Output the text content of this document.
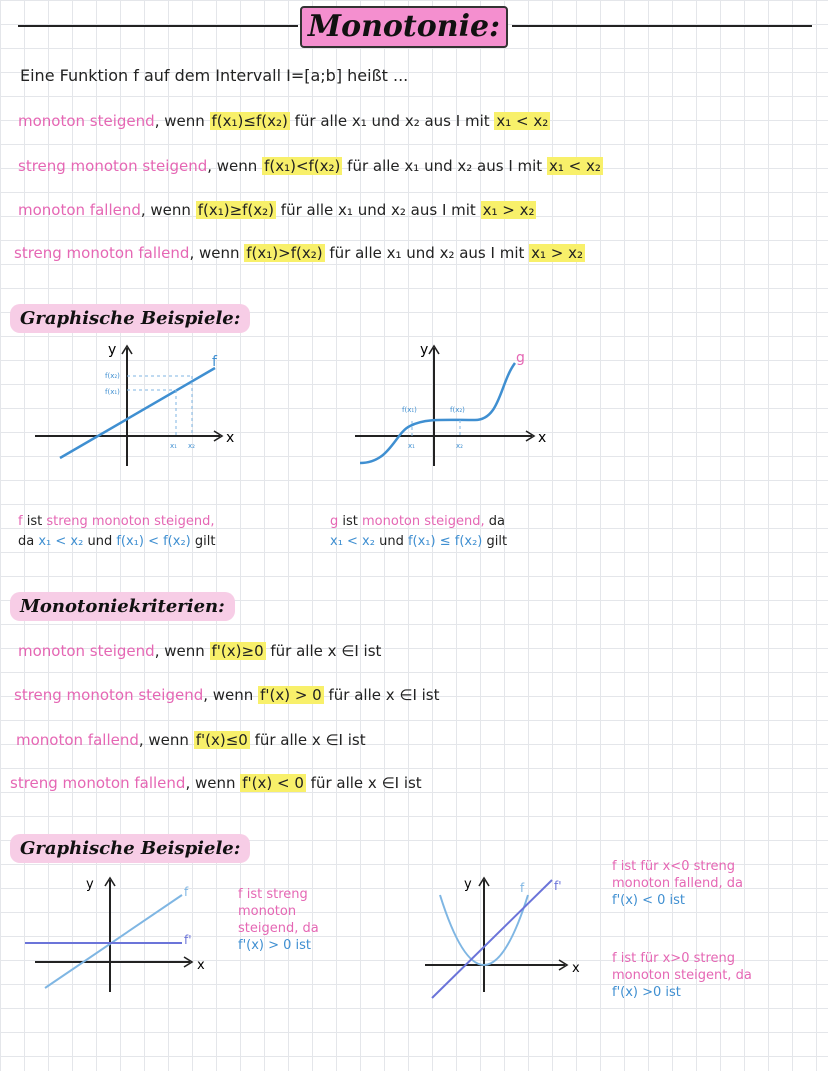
Monotonie:
Eine Funktion f auf dem Intervall I=[a;b] heißt ...
monoton steigend, wenn f(x₁)≤f(x₂) für alle x₁ und x₂ aus I mit x₁ < x₂
streng monoton steigend, wenn f(x₁)<f(x₂) für alle x₁ und x₂ aus I mit x₁ < x₂
monoton fallend, wenn f(x₁)≥f(x₂) für alle x₁ und x₂ aus I mit x₁ > x₂
streng monoton fallend, wenn f(x₁)>f(x₂) für alle x₁ und x₂ aus I mit x₁ > x₂
Graphische Beispiele:
y
x
f
f(x₁)
f(x₂)
x₁ x₂
y
x
g
f(x₁)	f(x₂)
x₁	x₂
f ist streng monoton steigend,
da x₁ < x₂ und f(x₁) < f(x₂) gilt
g ist monoton steigend, da
x₁ < x₂ und f(x₁) ≤ f(x₂) gilt
Monotoniekriterien:
monoton steigend, wenn f'(x)≥0 für alle x ∈I ist
streng monoton steigend, wenn f'(x) > 0 für alle x ∈I ist
monoton fallend, wenn f'(x)≤0 für alle x ∈I ist
streng monoton fallend, wenn f'(x) < 0 für alle x ∈I ist
Graphische Beispiele:
y
x
f
f'
f ist streng
monoton
steigend, da
f'(x) > 0 ist
y
x
f f'
f ist für x<0 streng
monoton fallend, da
f'(x) < 0 ist
f ist für x>0 streng
monoton steigent, da
f'(x) >0 ist
